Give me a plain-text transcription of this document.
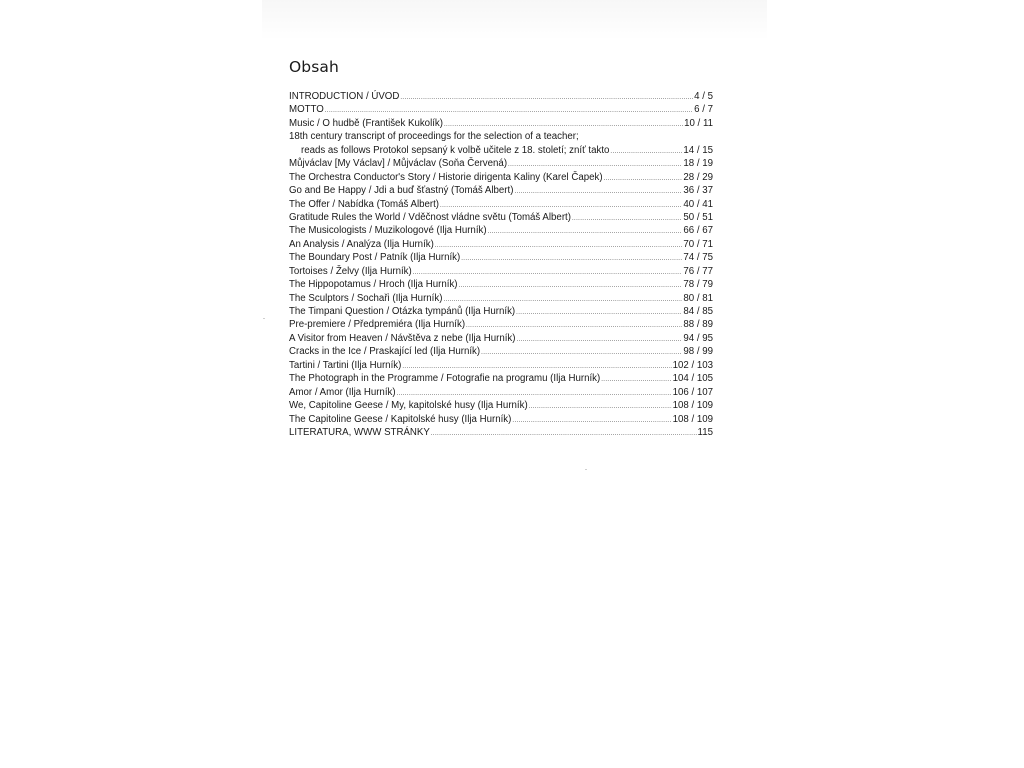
Obsah
INTRODUCTION / ÚVOD .....	4 / 5
MOTTO .....	6 / 7
Music / O hudbě (František Kukolík) .....	10 / 11
18th century transcript of proceedings for the selection of a teacher;
reads as follows Protokol sepsaný k volbě učitele z 18. století; zníť takto .....	14 / 15
Můjváclav [My Václav] / Můjváclav (Soňa Červená) .....	18 / 19
The Orchestra Conductor's Story / Historie dirigenta Kaliny (Karel Čapek) .....	28 / 29
Go and Be Happy / Jdi a buď šťastný (Tomáš Albert) .....	36 / 37
The Offer / Nabídka (Tomáš Albert) .....	40 / 41
Gratitude Rules the World / Vděčnost vládne světu (Tomáš Albert) .....	50 / 51
The Musicologists / Muzikologové (Ilja Hurník) .....	66 / 67
An Analysis / Analýza (Ilja Hurník) .....	70 / 71
The Boundary Post / Patník (Ilja Hurník) .....	74 / 75
Tortoises / Želvy (Ilja Hurník) .....	76 / 77
The Hippopotamus / Hroch (Ilja Hurník) .....	78 / 79
The Sculptors / Sochaři (Ilja Hurník) .....	80 / 81
The Timpani Question / Otázka tympánů (Ilja Hurník) .....	84 / 85
Pre-premiere / Předpremiéra (Ilja Hurník) .....	88 / 89
A Visitor from Heaven / Návštěva z nebe (Ilja Hurník) .....	94 / 95
Cracks in the Ice / Praskající led (Ilja Hurník) .....	98 / 99
Tartini / Tartini (Ilja Hurník) .....	102 / 103
The Photograph in the Programme / Fotografie na programu (Ilja Hurník) .....	104 / 105
Amor / Amor (Ilja Hurník) .....	106 / 107
We, Capitoline Geese / My, kapitolské husy (Ilja Hurník) .....	108 / 109
The Capitoline Geese / Kapitolské husy (Ilja Hurník) .....	108 / 109
LITERATURA, WWW STRÁNKY .....	115
